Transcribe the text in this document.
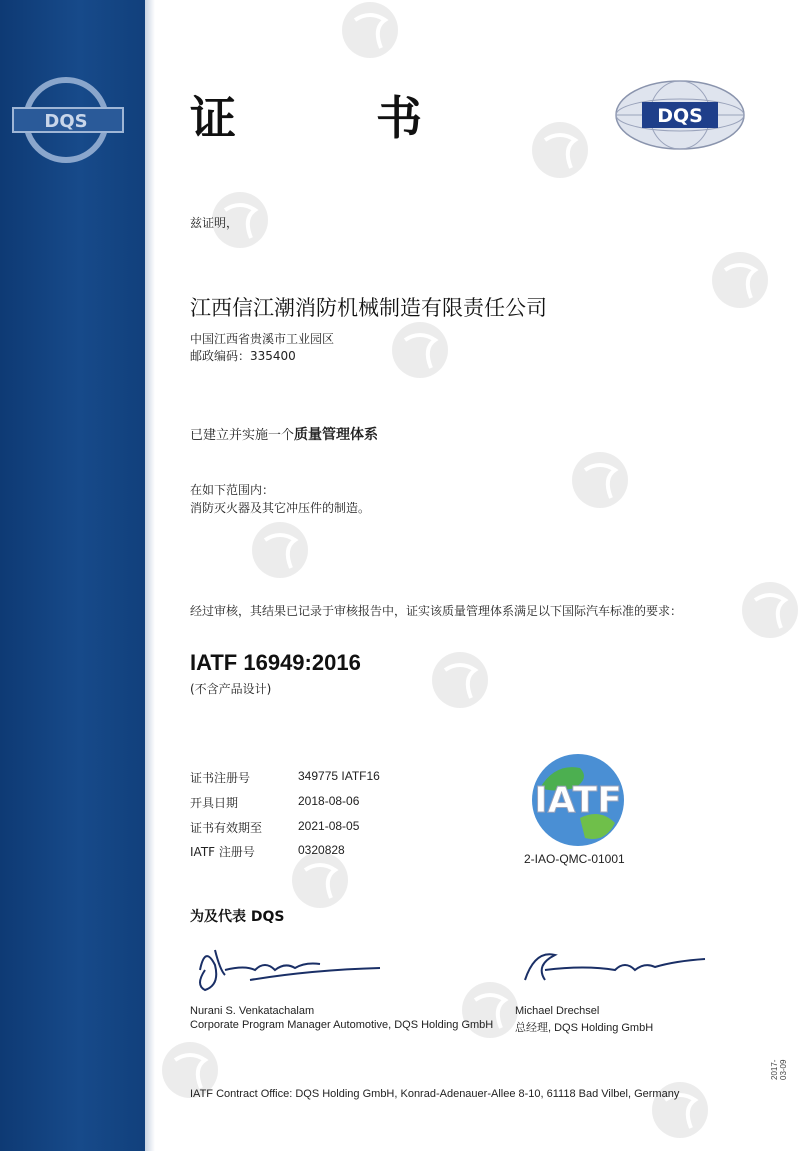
DQS 证 书	DQS
兹证明，
江西信江潮消防机械制造有限责任公司
中国江西省贵溪市工业园区
邮政编码：335400
已建立并实施一个质量管理体系
在如下范围内：
消防灭火器及其它冲压件的制造。
经过审核，其结果已记录于审核报告中，证实该质量管理体系满足以下国际汽车标准的要求：
IATF 16949:2016
(不含产品设计)
证书注册号	349775 IATF16
开具日期	2018-08-06
证书有效期至	2021-08-05
IATF 注册号	0320828
IATF
2-IAO-QMC-01001
为及代表 DQS
Nurani S. Venkatachalam
Corporate Program Manager Automotive, DQS Holding GmbH
Michael Drechsel
总经理, DQS Holding GmbH
IATF Contract Office: DQS Holding GmbH, Konrad-Adenauer-Allee 8-10, 61118 Bad Vilbel, Germany
2017-03-09
